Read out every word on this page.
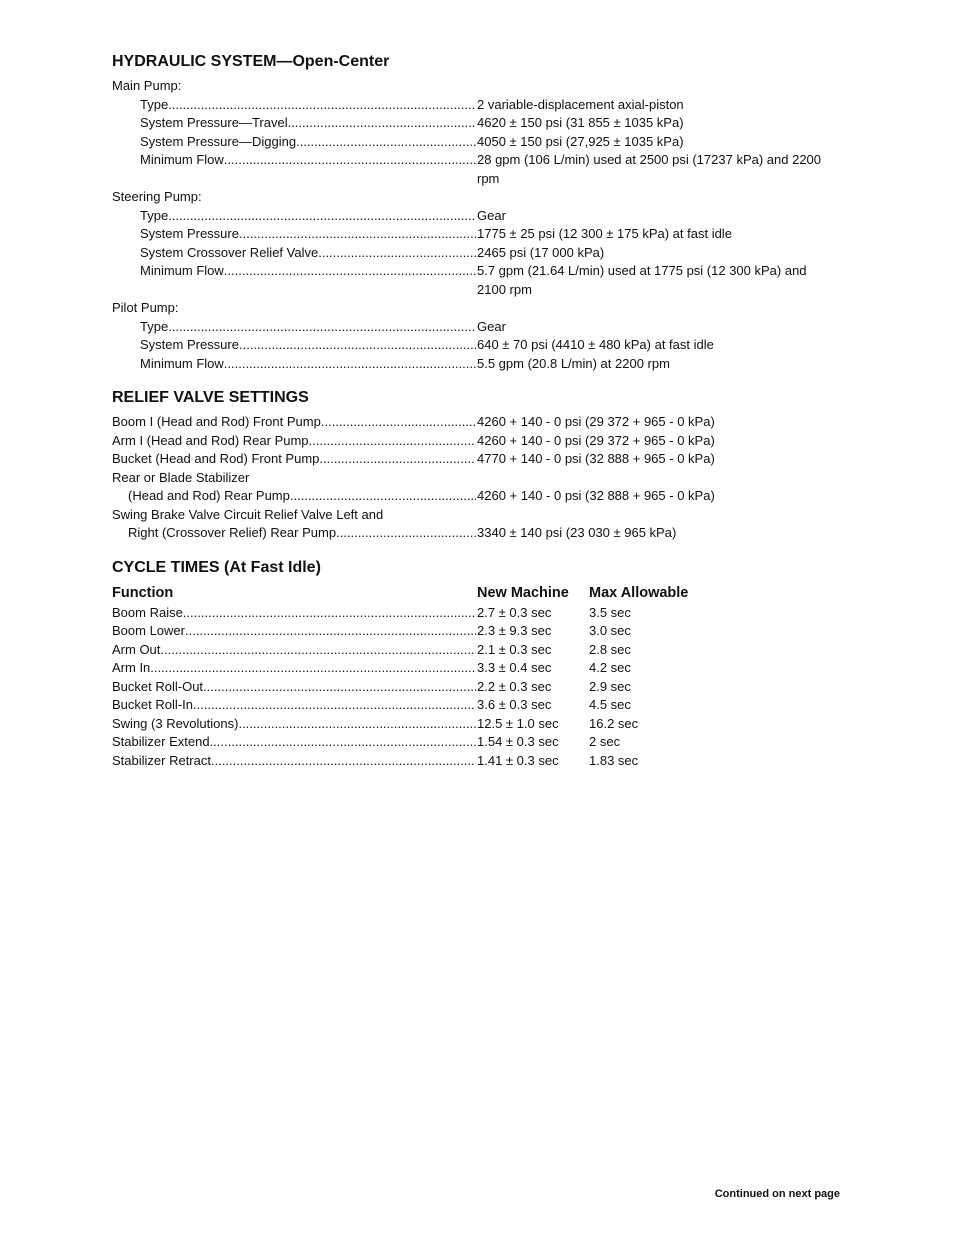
HYDRAULIC SYSTEM—Open-Center
Main Pump:
Type .....	2 variable-displacement axial-piston
System Pressure—Travel .....	4620 ± 150 psi (31 855 ± 1035 kPa)
System Pressure—Digging .....	4050 ± 150 psi (27,925 ± 1035 kPa)
Minimum Flow .....	28 gpm (106 L/min) used at 2500 psi (17237 kPa) and 2200 rpm
Steering Pump:
Type .....	Gear
System Pressure .....	1775 ± 25 psi (12 300 ± 175 kPa) at fast idle
System Crossover Relief Valve .....	2465 psi (17 000 kPa)
Minimum Flow .....	5.7 gpm (21.64 L/min) used at 1775 psi (12 300 kPa) and 2100 rpm
Pilot Pump:
Type .....	Gear
System Pressure .....	640 ± 70 psi (4410 ± 480 kPa) at fast idle
Minimum Flow .....	5.5 gpm (20.8 L/min) at 2200 rpm
RELIEF VALVE SETTINGS
Boom I (Head and Rod) Front Pump .....	4260 + 140 - 0 psi (29 372 + 965 - 0 kPa)
Arm I (Head and Rod) Rear Pump .....	4260 + 140 - 0 psi (29 372 + 965 - 0 kPa)
Bucket (Head and Rod) Front Pump .....	4770 + 140 - 0 psi (32 888 + 965 - 0 kPa)
Rear or Blade Stabilizer
(Head and Rod) Rear Pump .....	4260 + 140 - 0 psi (32 888 + 965 - 0 kPa)
Swing Brake Valve Circuit Relief Valve Left and
Right (Crossover Relief) Rear Pump .....	3340 ± 140 psi (23 030 ± 965 kPa)
CYCLE TIMES (At Fast Idle)
Function	New Machine	Max Allowable
Boom Raise .....	2.7 ± 0.3 sec	3.5 sec
Boom Lower .....	2.3 ± 9.3 sec	3.0 sec
Arm Out .....	2.1 ± 0.3 sec	2.8 sec
Arm In .....	3.3 ± 0.4 sec	4.2 sec
Bucket Roll-Out .....	2.2 ± 0.3 sec	2.9 sec
Bucket Roll-In .....	3.6 ± 0.3 sec	4.5 sec
Swing (3 Revolutions) .....	12.5 ± 1.0 sec	16.2 sec
Stabilizer Extend .....	1.54 ± 0.3 sec	2 sec
Stabilizer Retract .....	1.41 ± 0.3 sec	1.83 sec
Continued on next page
